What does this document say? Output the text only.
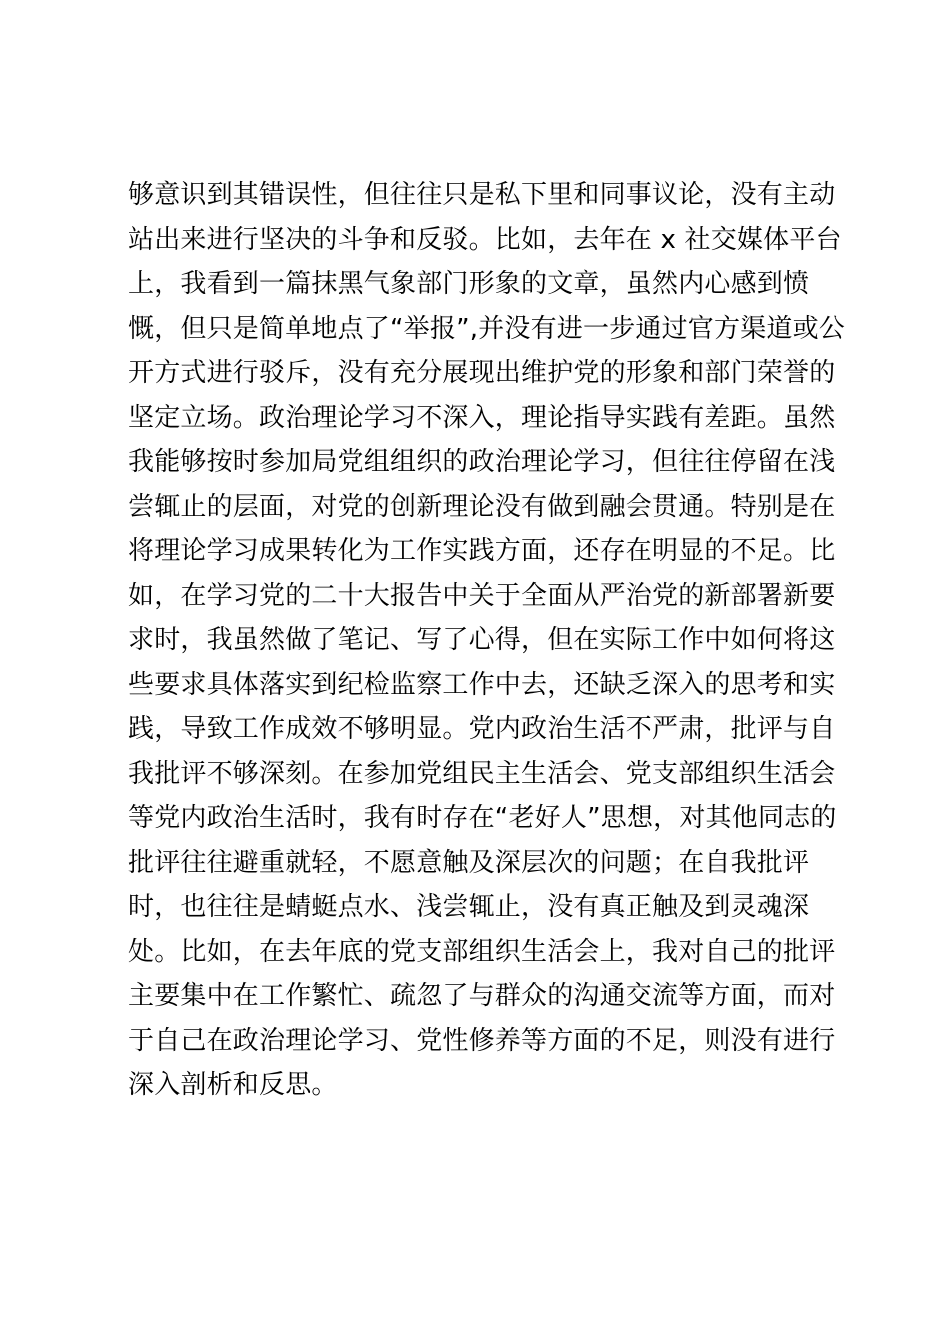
够意识到其错误性，但往往只是私下里和同事议论，没有主动
站出来进行坚决的斗争和反驳。比如，去年在 x 社交媒体平台
上，我看到一篇抹黑气象部门形象的文章，虽然内心感到愤
慨，但只是简单地点了“举报”,并没有进一步通过官方渠道或公
开方式进行驳斥，没有充分展现出维护党的形象和部门荣誉的
坚定立场。政治理论学习不深入，理论指导实践有差距。虽然
我能够按时参加局党组组织的政治理论学习，但往往停留在浅
尝辄止的层面，对党的创新理论没有做到融会贯通。特别是在
将理论学习成果转化为工作实践方面，还存在明显的不足。比
如，在学习党的二十大报告中关于全面从严治党的新部署新要
求时，我虽然做了笔记、写了心得，但在实际工作中如何将这
些要求具体落实到纪检监察工作中去，还缺乏深入的思考和实
践，导致工作成效不够明显。党内政治生活不严肃，批评与自
我批评不够深刻。在参加党组民主生活会、党支部组织生活会
等党内政治生活时，我有时存在“老好人”思想，对其他同志的
批评往往避重就轻，不愿意触及深层次的问题；在自我批评
时，也往往是蜻蜓点水、浅尝辄止，没有真正触及到灵魂深
处。比如，在去年底的党支部组织生活会上，我对自己的批评
主要集中在工作繁忙、疏忽了与群众的沟通交流等方面，而对
于自己在政治理论学习、党性修养等方面的不足，则没有进行
深入剖析和反思。
